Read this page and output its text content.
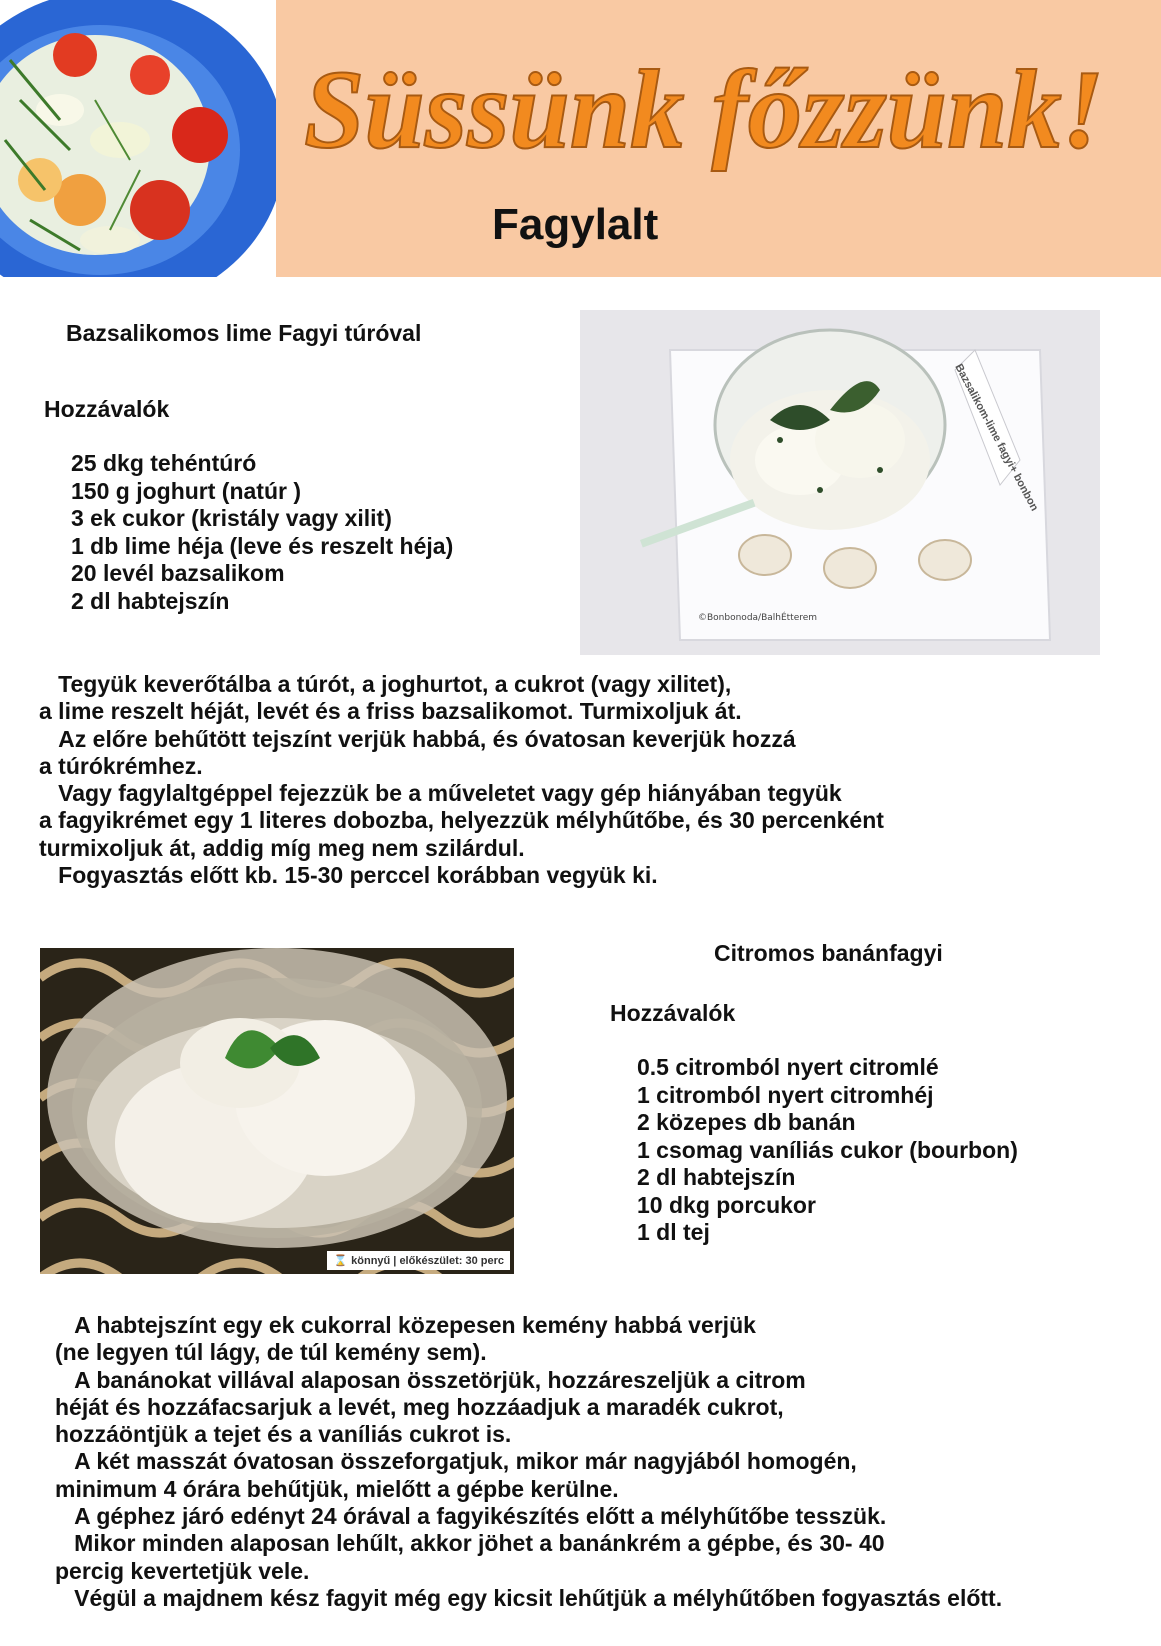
Süssünk főzzünk!
Fagylalt
Bazsalikomos lime Fagyi túróval
Hozzávalók
25 dkg tehéntúró
150 g joghurt (natúr )
3 ek cukor (kristály vagy xilit)
1 db lime héja (leve és reszelt héja)
20 levél bazsalikom
2 dl habtejszín
Bazsalikom-lime fagyi+ bonbon
©Bonbonoda/BalhÉtterem

Tegyük keverőtálba a túrót, a joghurtot, a cukrot (vagy xilitet),

a lime reszelt héját, levét és a friss bazsalikomot. Turmixoljuk át.

Az előre behűtött tejszínt verjük habbá, és óvatosan keverjük hozzá

a túrókrémhez.

Vagy fagylaltgéppel fejezzük be a műveletet vagy gép hiányában tegyük

a fagyikrémet egy 1 literes dobozba, helyezzük mélyhűtőbe, és 30 percenként

turmixoljuk át, addig míg meg nem szilárdul.

Fogyasztás előtt kb. 15-30 perccel korábban vegyük ki.

⌛ könnyű | előkészület: 30 perc
Citromos banánfagyi
Hozzávalók
0.5 citromból nyert citromlé
1 citromból nyert citromhéj
2 közepes db banán
1 csomag vaníliás cukor (bourbon)
2 dl habtejszín
10 dkg porcukor
1 dl tej

A habtejszínt egy ek cukorral közepesen kemény habbá verjük

(ne legyen túl lágy, de túl kemény sem).

A banánokat villával alaposan összetörjük, hozzáreszeljük a citrom

héját és hozzáfacsarjuk a levét, meg hozzáadjuk a maradék cukrot,

hozzáöntjük a tejet és a vaníliás cukrot is.

A két masszát óvatosan összeforgatjuk, mikor már nagyjából homogén,

minimum 4 órára behűtjük, mielőtt a gépbe kerülne.

A géphez járó edényt 24 órával a fagyikészítés előtt a mélyhűtőbe tesszük.

Mikor minden alaposan lehűlt, akkor jöhet a banánkrém a gépbe, és 30- 40

percig kevertetjük vele.

Végül a majdnem kész fagyit még egy kicsit lehűtjük a mélyhűtőben fogyasztás előtt.
